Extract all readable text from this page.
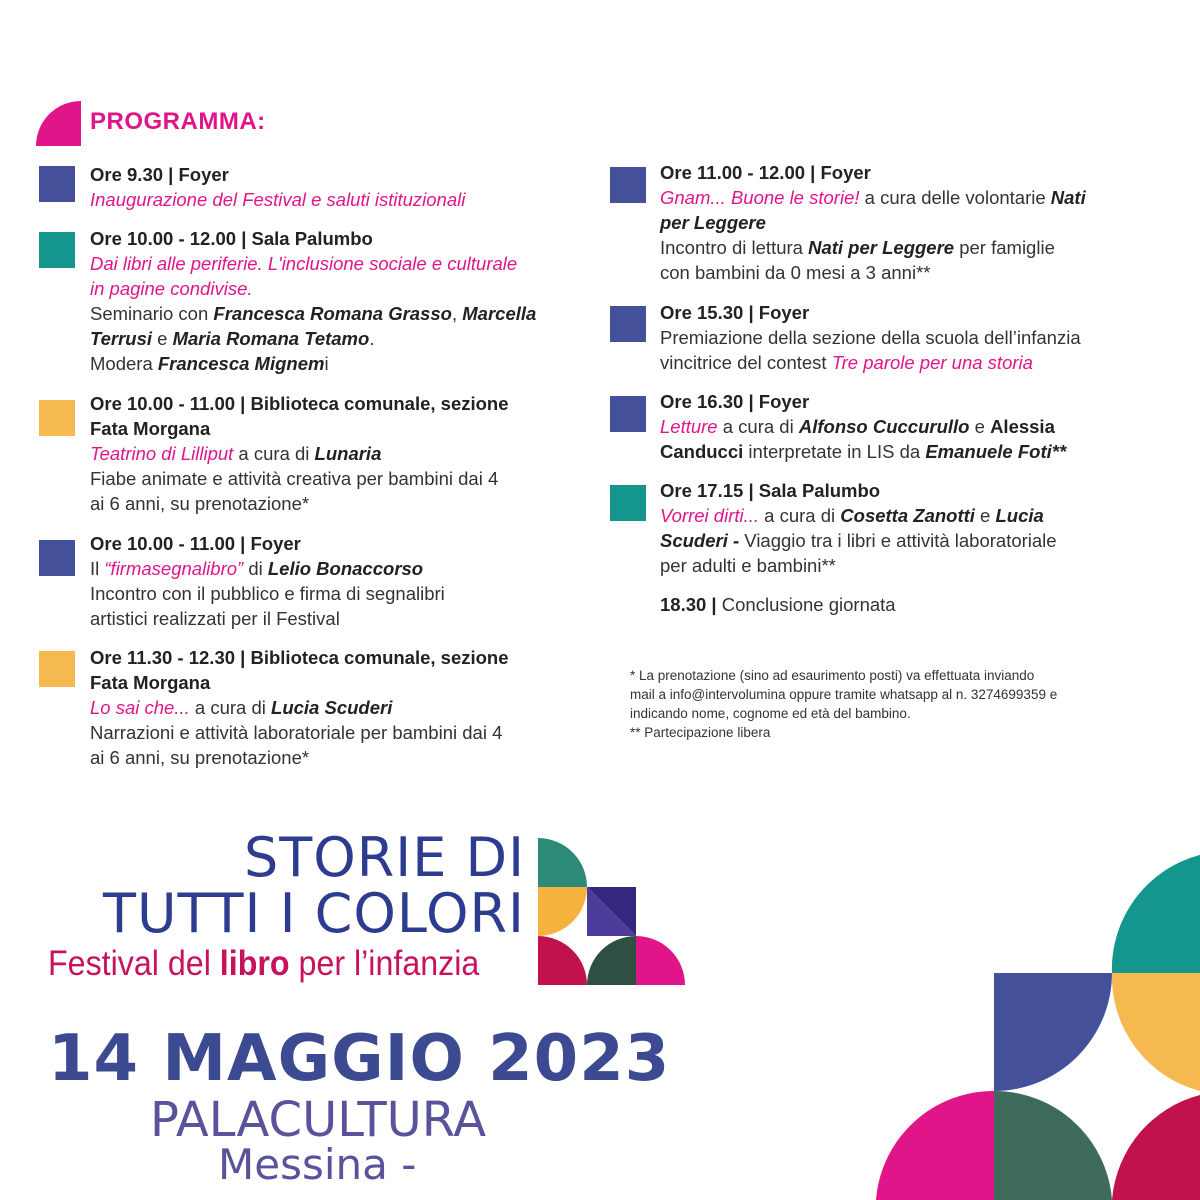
PROGRAMMA:
Ore 9.30 | Foyer
Inaugurazione del Festival e saluti istituzionali
Ore 10.00 - 12.00 | Sala Palumbo
Dai libri alle periferie. L'inclusione sociale e culturale
in pagine condivise.
Seminario con Francesca Romana Grasso, Marcella
Terrusi e Maria Romana Tetamo.
Modera Francesca Mignemi
Ore 10.00 - 11.00 | Biblioteca comunale, sezione
Fata Morgana
Teatrino di Lilliput a cura di Lunaria
Fiabe animate e attività creativa per bambini dai 4
ai 6 anni, su prenotazione*
Ore 10.00 - 11.00 | Foyer
Il “firmasegnalibro” di Lelio Bonaccorso
Incontro con il pubblico e firma di segnalibri
artistici realizzati per il Festival
Ore 11.30 - 12.30 | Biblioteca comunale, sezione
Fata Morgana
Lo sai che... a cura di Lucia Scuderi
Narrazioni e attività laboratoriale per bambini dai 4
ai 6 anni, su prenotazione*
Ore 11.00 - 12.00 | Foyer
Gnam... Buone le storie! a cura delle volontarie Nati
per Leggere
Incontro di lettura Nati per Leggere per famiglie
con bambini da 0 mesi a 3 anni**
Ore 15.30 | Foyer
Premiazione della sezione della scuola dell’infanzia
vincitrice del contest Tre parole per una storia
Ore 16.30 | Foyer
Letture a cura di Alfonso Cuccurullo e Alessia
Canducci interpretate in LIS da Emanuele Foti**
Ore 17.15 | Sala Palumbo
Vorrei dirti... a cura di Cosetta Zanotti e Lucia
Scuderi - Viaggio tra i libri e attività laboratoriale
per adulti e bambini**
18.30 | Conclusione giornata
* La prenotazione (sino ad esaurimento posti) va effettuata inviando
mail a info@intervolumina oppure tramite whatsapp al n. 3274699359 e
indicando nome, cognome ed età del bambino.
** Partecipazione libera
STORIE DI
TUTTI I COLORI
Festival del libro per l’infanzia
14 MAGGIO 2023
PALACULTURA
Messina -
